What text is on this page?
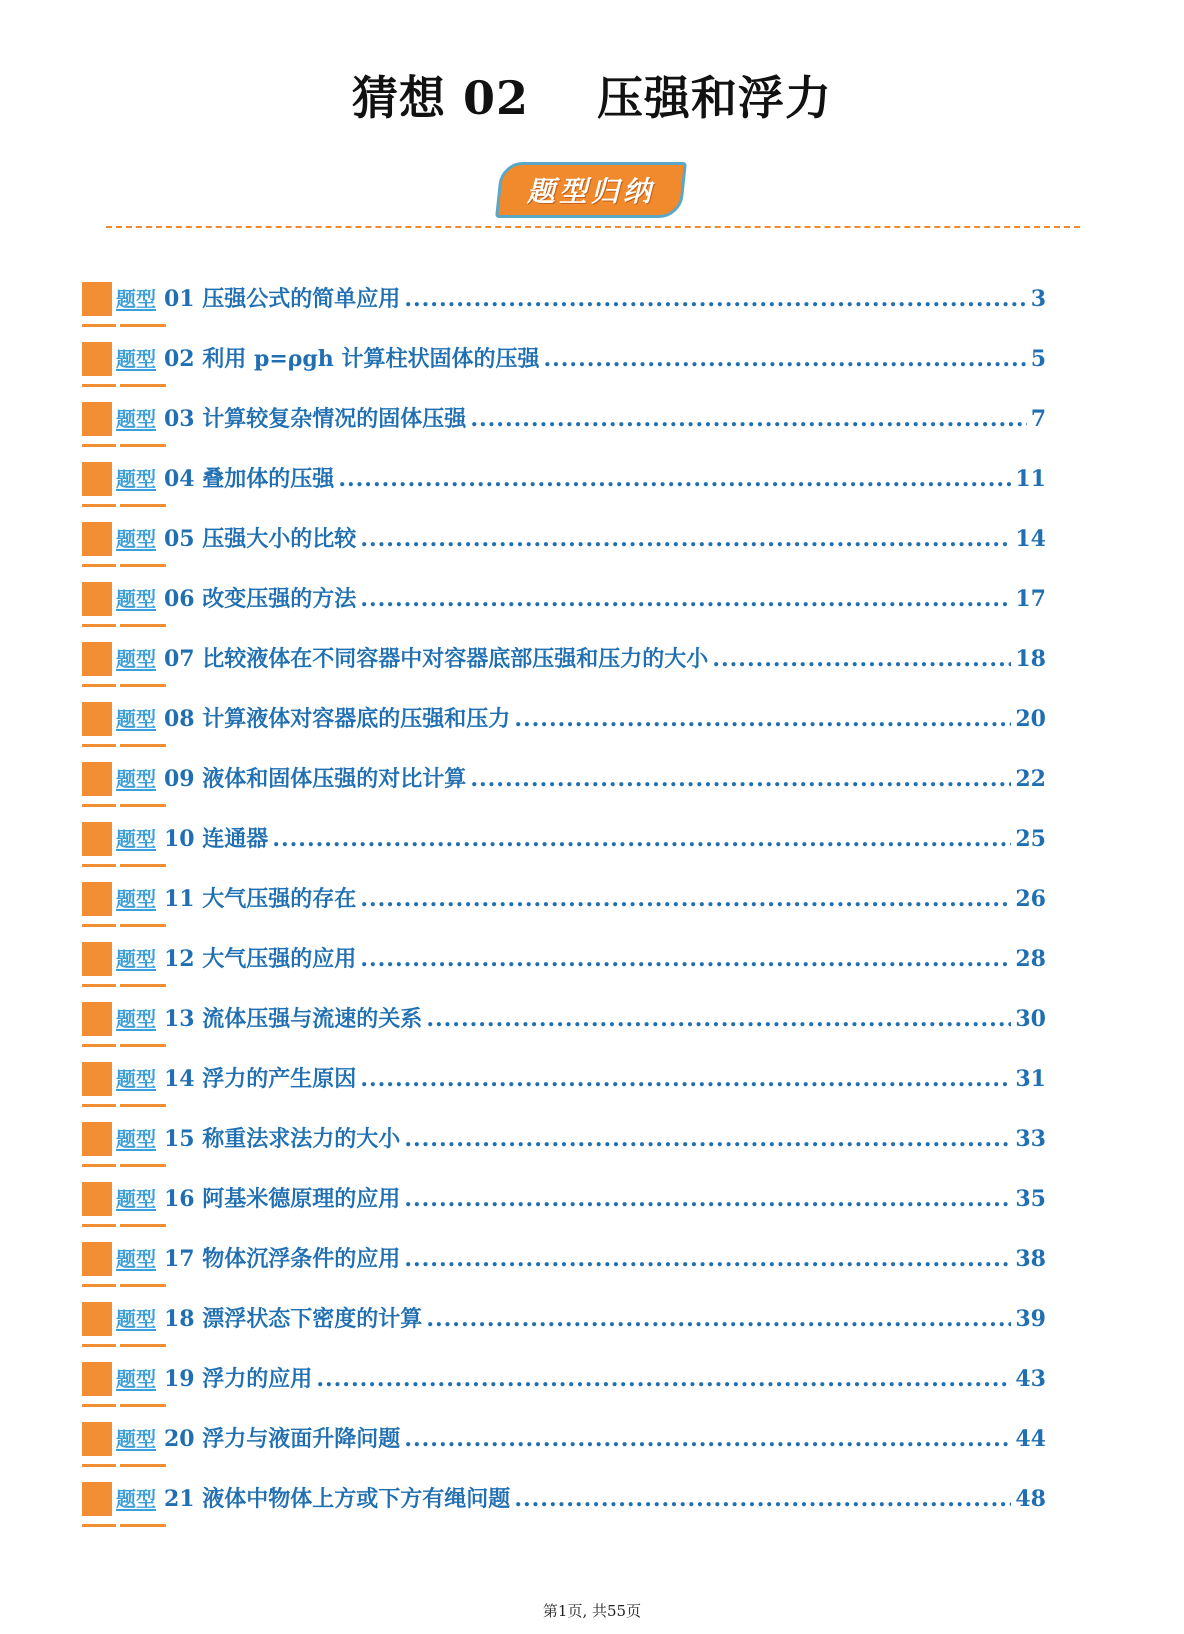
猜想 02    压强和浮力
题型归纳
题型 01 压强公式的简单应用 .....	3
题型 02 利用 p=ρgh 计算柱状固体的压强 .....	5
题型 03 计算较复杂情况的固体压强 .....	7
题型 04 叠加体的压强 .....	11
题型 05 压强大小的比较 .....	14
题型 06 改变压强的方法 .....	17
题型 07 比较液体在不同容器中对容器底部压强和压力的大小 .....	18
题型 08 计算液体对容器底的压强和压力 .....	20
题型 09 液体和固体压强的对比计算 .....	22
题型 10 连通器 .....	25
题型 11 大气压强的存在 .....	26
题型 12 大气压强的应用 .....	28
题型 13 流体压强与流速的关系 .....	30
题型 14 浮力的产生原因 .....	31
题型 15 称重法求法力的大小 .....	33
题型 16 阿基米德原理的应用 .....	35
题型 17 物体沉浮条件的应用 .....	38
题型 18 漂浮状态下密度的计算 .....	39
题型 19 浮力的应用 .....	43
题型 20 浮力与液面升降问题 .....	44
题型 21 液体中物体上方或下方有绳问题 .....	48
第1页, 共55页
